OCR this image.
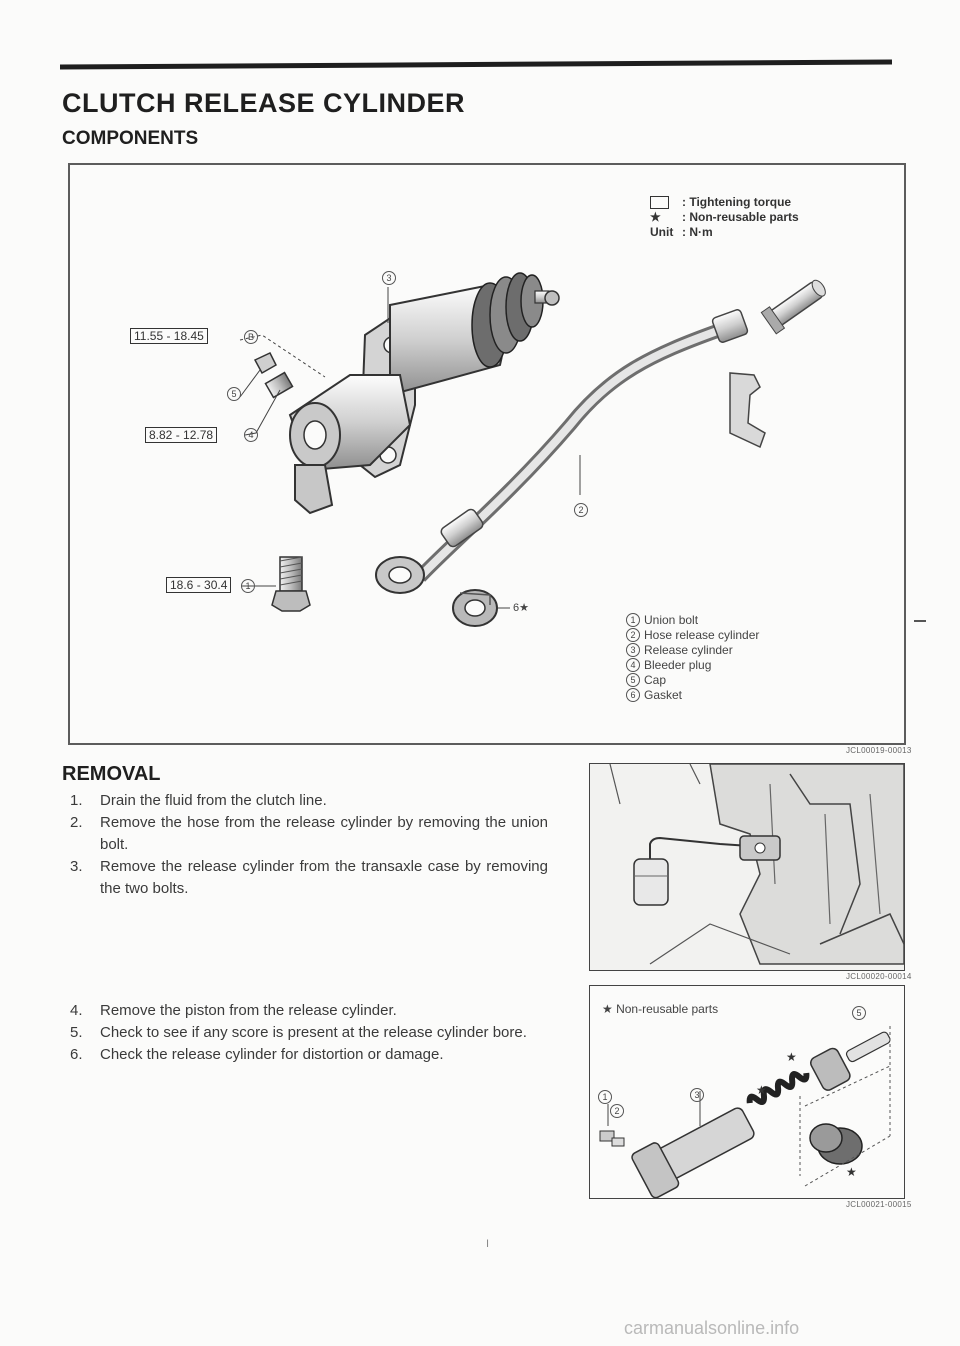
CLUTCH RELEASE CYLINDER
COMPONENTS
: Tightening torque
★ : Non-reusable parts
Unit : N·m
11.55 - 18.45	B
8.82 - 12.78	4
18.6 - 30.4	1
3
5
2
6★
1 Union bolt
2 Hose release cylinder
3 Release cylinder
4 Bleeder plug
5 Cap
6 Gasket
JCL00019-00013
REMOVAL
1.	Drain the fluid from the clutch line.
2.	Remove the hose from the release cylinder by removing the union bolt.
3.	Remove the release cylinder from the transaxle case by removing the two bolts.
4.	Remove the piston from the release cylinder.
5.	Check to see if any score is present at the release cylinder bore.
6.	Check the release cylinder for distortion or damage.
JCL00020-00014
★
★
★
★ Non-reusable parts
1
2
3
5
JCL00021-00015
I
carmanualsonline.info
